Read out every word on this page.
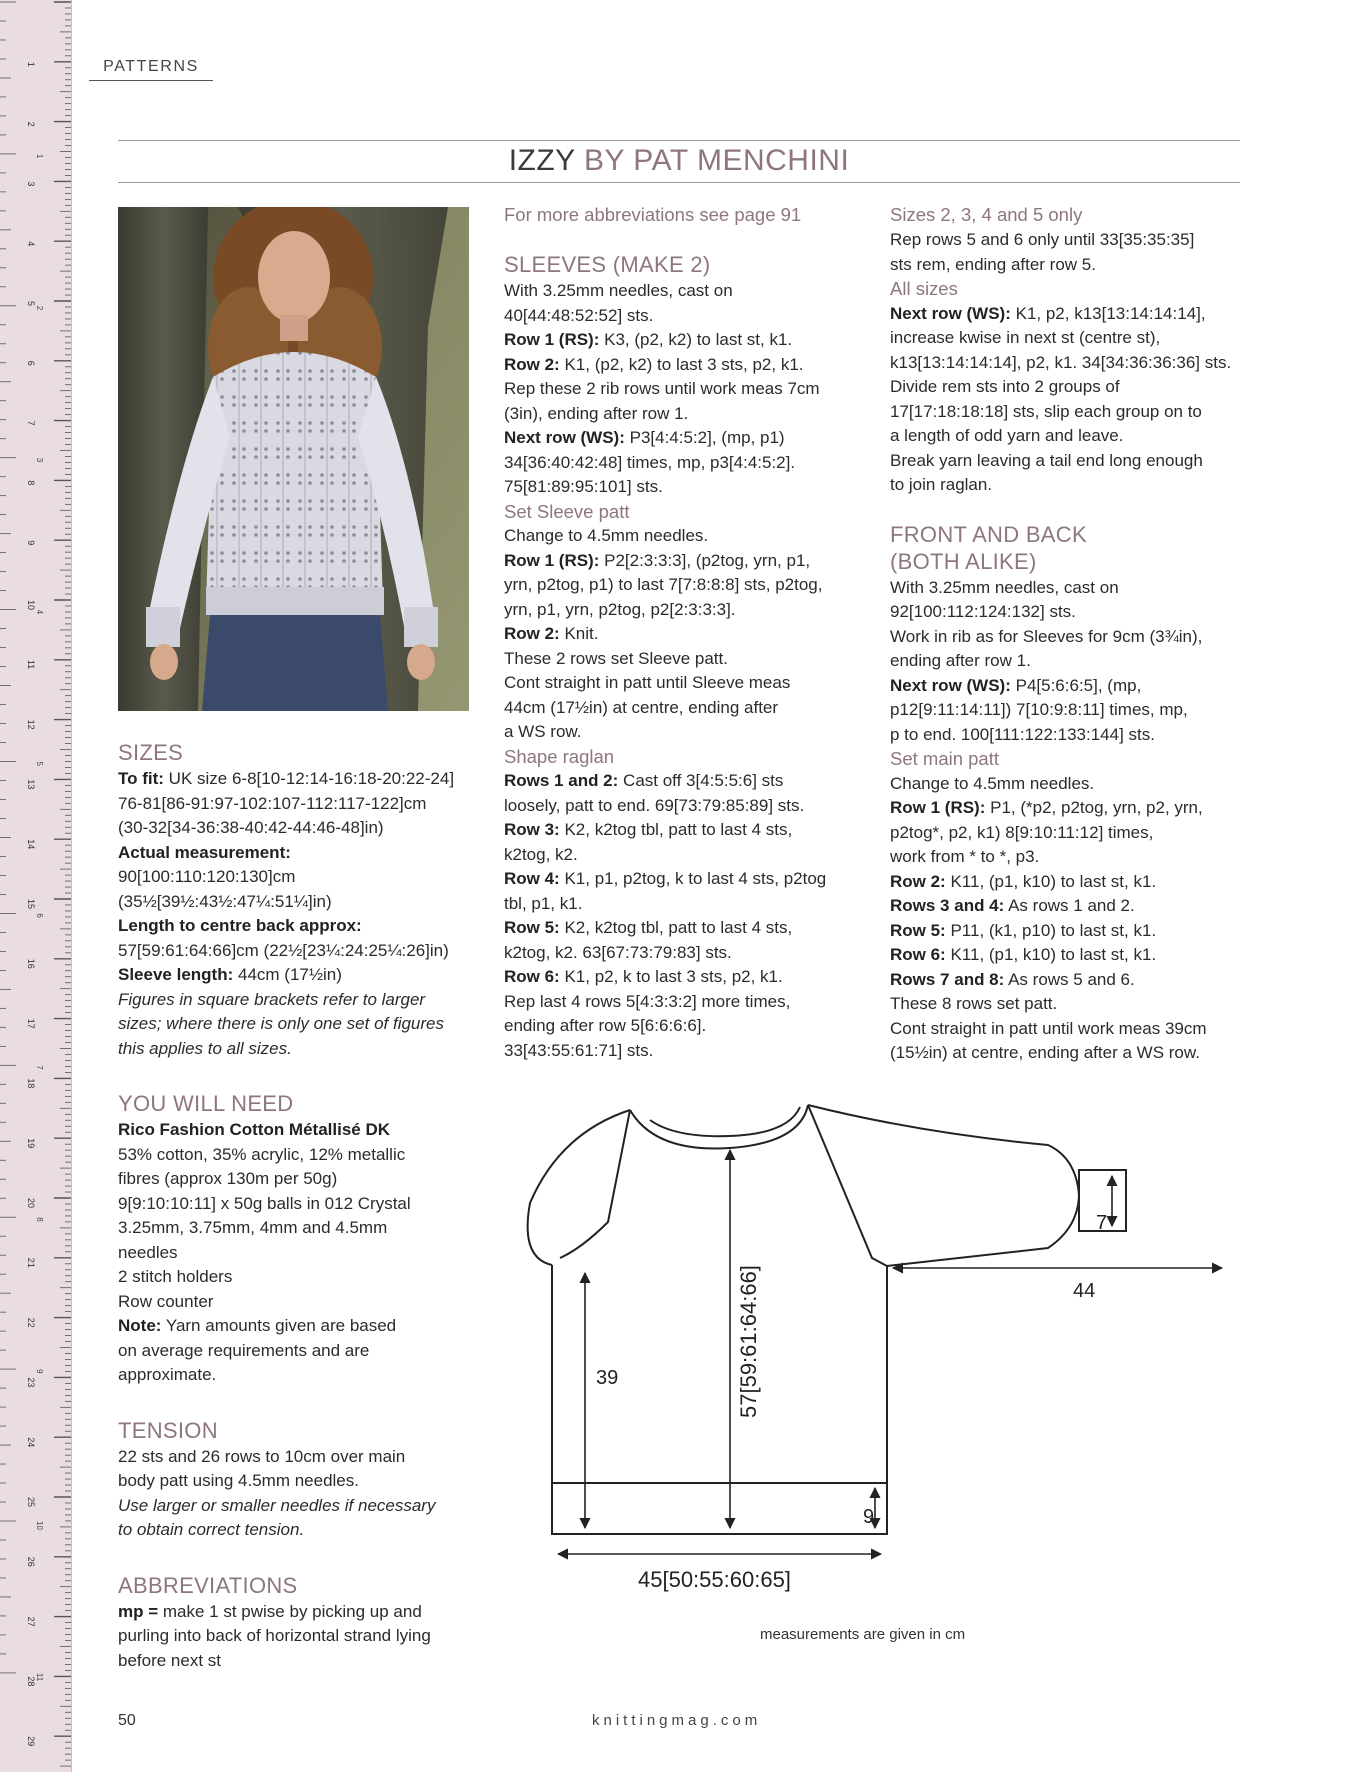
1
2
3
4
5
6
7
8
9
10
11
12
13
14
15
16
17
18
19
20
21
22
23
24
25
26
27
28
29
1
2
3
4
5
6
7
8
9
10
11
PATTERNS
IZZY BY PAT MENCHINI
SIZES

To fit: UK size 6-8[10-12:14-16:18-20:22-24]

76-81[86-91:97-102:107-112:117-122]cm

(30-32[34-36:38-40:42-44:46-48]in)

Actual measurement:

90[100:110:120:130]cm

(35½[39½:43½:47¼:51¼]in)

Length to centre back approx:

57[59:61:64:66]cm (22½[23¼:24:25¼:26]in)

Sleeve length: 44cm (17½in)

Figures in square brackets refer to larger

sizes; where there is only one set of figures

this applies to all sizes.

YOU WILL NEED

Rico Fashion Cotton Métallisé DK

53% cotton, 35% acrylic, 12% metallic

fibres (approx 130m per 50g)

9[9:10:10:11] x 50g balls in 012 Crystal

3.25mm, 3.75mm, 4mm and 4.5mm

needles

2 stitch holders

Row counter

Note: Yarn amounts given are based

on average requirements and are

approximate.

TENSION

22 sts and 26 rows to 10cm over main

body patt using 4.5mm needles.

Use larger or smaller needles if necessary

to obtain correct tension.

ABBREVIATIONS

mp = make 1 st pwise by picking up and

purling into back of horizontal strand lying

before next st

For more abbreviations see page 91
SLEEVES (MAKE 2)

With 3.25mm needles, cast on

40[44:48:52:52] sts.

Row 1 (RS): K3, (p2, k2) to last st, k1.

Row 2: K1, (p2, k2) to last 3 sts, p2, k1.

Rep these 2 rib rows until work meas 7cm

(3in), ending after row 1.

Next row (WS): P3[4:4:5:2], (mp, p1)

34[36:40:42:48] times, mp, p3[4:4:5:2].

75[81:89:95:101] sts.

Set Sleeve patt

Change to 4.5mm needles.

Row 1 (RS): P2[2:3:3:3], (p2tog, yrn, p1,

yrn, p2tog, p1) to last 7[7:8:8:8] sts, p2tog,

yrn, p1, yrn, p2tog, p2[2:3:3:3].

Row 2: Knit.

These 2 rows set Sleeve patt.

Cont straight in patt until Sleeve meas

44cm (17½in) at centre, ending after

a WS row.

Shape raglan

Rows 1 and 2: Cast off 3[4:5:5:6] sts

loosely, patt to end. 69[73:79:85:89] sts.

Row 3: K2, k2tog tbl, patt to last 4 sts,

k2tog, k2.

Row 4: K1, p1, p2tog, k to last 4 sts, p2tog

tbl, p1, k1.

Row 5: K2, k2tog tbl, patt to last 4 sts,

k2tog, k2. 63[67:73:79:83] sts.

Row 6: K1, p2, k to last 3 sts, p2, k1.

Rep last 4 rows 5[4:3:3:2] more times,

ending after row 5[6:6:6:6].

33[43:55:61:71] sts.

Sizes 2, 3, 4 and 5 only

Rep rows 5 and 6 only until 33[35:35:35]

sts rem, ending after row 5.

All sizes

Next row (WS): K1, p2, k13[13:14:14:14],

increase kwise in next st (centre st),

k13[13:14:14:14], p2, k1. 34[34:36:36:36] sts.

Divide rem sts into 2 groups of

17[17:18:18:18] sts, slip each group on to

a length of odd yarn and leave.

Break yarn leaving a tail end long enough

to join raglan.

FRONT AND BACK
(BOTH ALIKE)

With 3.25mm needles, cast on

92[100:112:124:132] sts.

Work in rib as for Sleeves for 9cm (3¾in),

ending after row 1.

Next row (WS): P4[5:6:6:5], (mp,

p12[9:11:14:11]) 7[10:9:8:11] times, mp,

p to end. 100[111:122:133:144] sts.

Set main patt

Change to 4.5mm needles.

Row 1 (RS): P1, (*p2, p2tog, yrn, p2, yrn,

p2tog*, p2, k1) 8[9:10:11:12] times,

work from * to *, p3.

Row 2: K11, (p1, k10) to last st, k1.

Rows 3 and 4: As rows 1 and 2.

Row 5: P11, (k1, p10) to last st, k1.

Row 6: K11, (p1, k10) to last st, k1.

Rows 7 and 8: As rows 5 and 6.

These 8 rows set patt.

Cont straight in patt until work meas 39cm

(15½in) at centre, ending after a WS row.

39	57[59:61:64:66]
9
45[50:55:60:65]
44
7
measurements are given in cm
50	knittingmag.com
